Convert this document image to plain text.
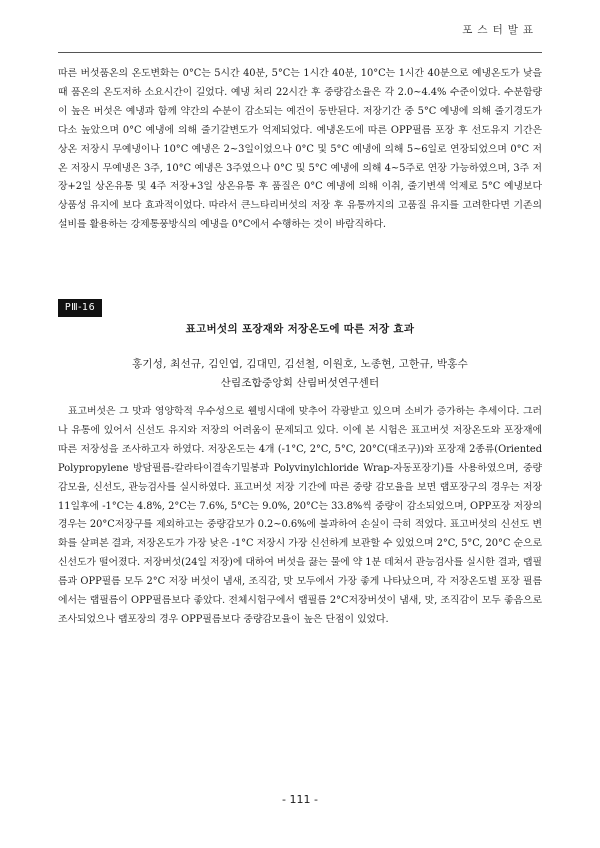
포스터발표

따른 버섯품온의 온도변화는 0°C는 5시간 40분, 5°C는 1시간 40분, 10°C는 1시간 40분으로 예냉온도가 낮을 때 품온의 온도저하 소요시간이 길었다. 예냉 처리 22시간 후 중량감소율은 각 2.0~4.4% 수준이었다. 수분함량이 높은 버섯은 예냉과 함께 약간의 수분이 감소되는 예건이 동반된다. 저장기간 중 5°C 예냉에 의해 줄기경도가 다소 높았으며 0°C 예냉에 의해 줄기갈변도가 억제되었다. 예냉온도에 따른 OPP필름 포장 후 선도유지 기간은 상온 저장시 무예냉이나 10°C 예냉은 2~3일이었으나 0°C 및 5°C 예냉에 의해 5~6일로 연장되었으며 0°C 저온 저장시 무예냉은 3주, 10°C 예냉은 3주였으나 0°C 및 5°C 예냉에 의해 4~5주로 연장 가능하였으며, 3주 저장+2일 상온유통 및 4주 저장+3일 상온유통 후 품질은 0°C 예냉에 의해 이취, 줄기변색 억제로 5°C 예냉보다 상품성 유지에 보다 효과적이었다. 따라서 큰느타리버섯의 저장 후 유통까지의 고품질 유지를 고려한다면 기존의 설비를 활용하는 강제통풍방식의 예냉을 0°C에서 수행하는 것이 바람직하다.

PⅢ-16
표고버섯의 포장재와 저장온도에 따른 저장 효과
홍기성, 최선규, 김인엽, 김대민, 김선철, 이원호, 노종현, 고한규, 박홍수
산림조합중앙회 산림버섯연구센터

표고버섯은 그 맛과 영양학적 우수성으로 웰빙시대에 맞추어 각광받고 있으며 소비가 증가하는 추세이다. 그러나 유통에 있어서 신선도 유지와 저장의 어려움이 문제되고 있다. 이에 본 시험은 표고버섯 저장온도와 포장재에 따른 저장성을 조사하고자 하였다. 저장온도는 4개 (-1°C, 2°C, 5°C, 20°C(대조구))와 포장재 2종류(Oriented Polypropylene 방담필름-칼라타이결속기밀봉과 Polyvinylchloride Wrap-자동포장기)를 사용하였으며, 중량감모율, 신선도, 관능검사를 실시하였다. 표고버섯 저장 기간에 따른 중량 감모율을 보면 랩포장구의 경우는 저장 11일후에 -1°C는 4.8%, 2°C는 7.6%, 5°C는 9.0%, 20°C는 33.8%씩 중량이 감소되었으며, OPP포장 저장의 경우는 20°C저장구를 제외하고는 중량감모가 0.2~0.6%에 불과하여 손실이 극히 적었다. 표고버섯의 신선도 변화를 살펴본 결과, 저장온도가 가장 낮은 -1°C 저장시 가장 신선하게 보관할 수 있었으며 2°C, 5°C, 20°C 순으로 신선도가 떨어졌다. 저장버섯(24일 저장)에 대하여 버섯을 끓는 물에 약 1분 데쳐서 관능검사를 실시한 결과, 랩필름과 OPP필름 모두 2°C 저장 버섯이 냄새, 조직감, 맛 모두에서 가장 좋게 나타났으며, 각 저장온도별 포장 필름에서는 랩필름이 OPP필름보다 좋았다. 전체시험구에서 랩필름 2°C저장버섯이 냄새, 맛, 조직감이 모두 좋음으로 조사되었으나 랩포장의 경우 OPP필름보다 중량감모율이 높은 단점이 있었다.

- 111 -
